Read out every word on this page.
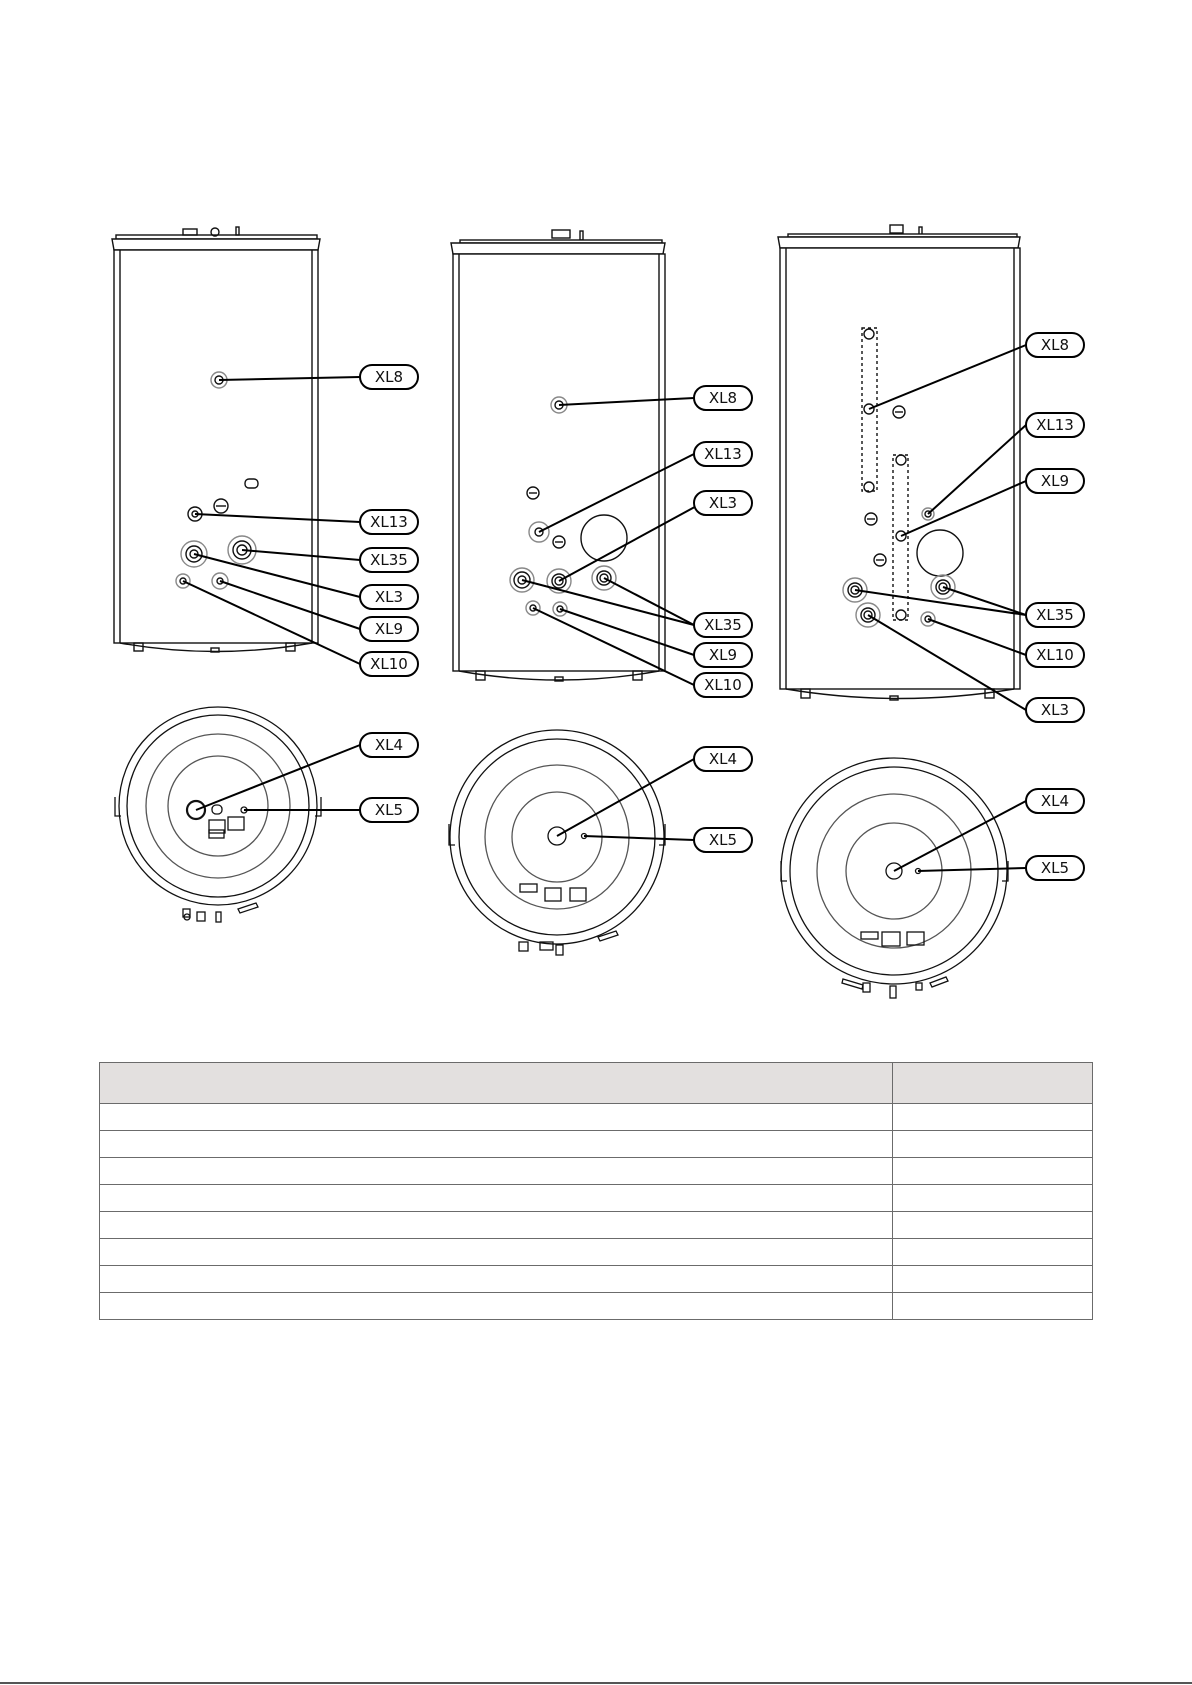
XL8
XL13
XL35
XL3
XL9
XL10
XL4
XL5
XL8
XL13
XL3
XL35
XL9
XL10
XL4
XL5
XL8
XL13
XL9
XL35
XL10
XL3
XL4
XL5
